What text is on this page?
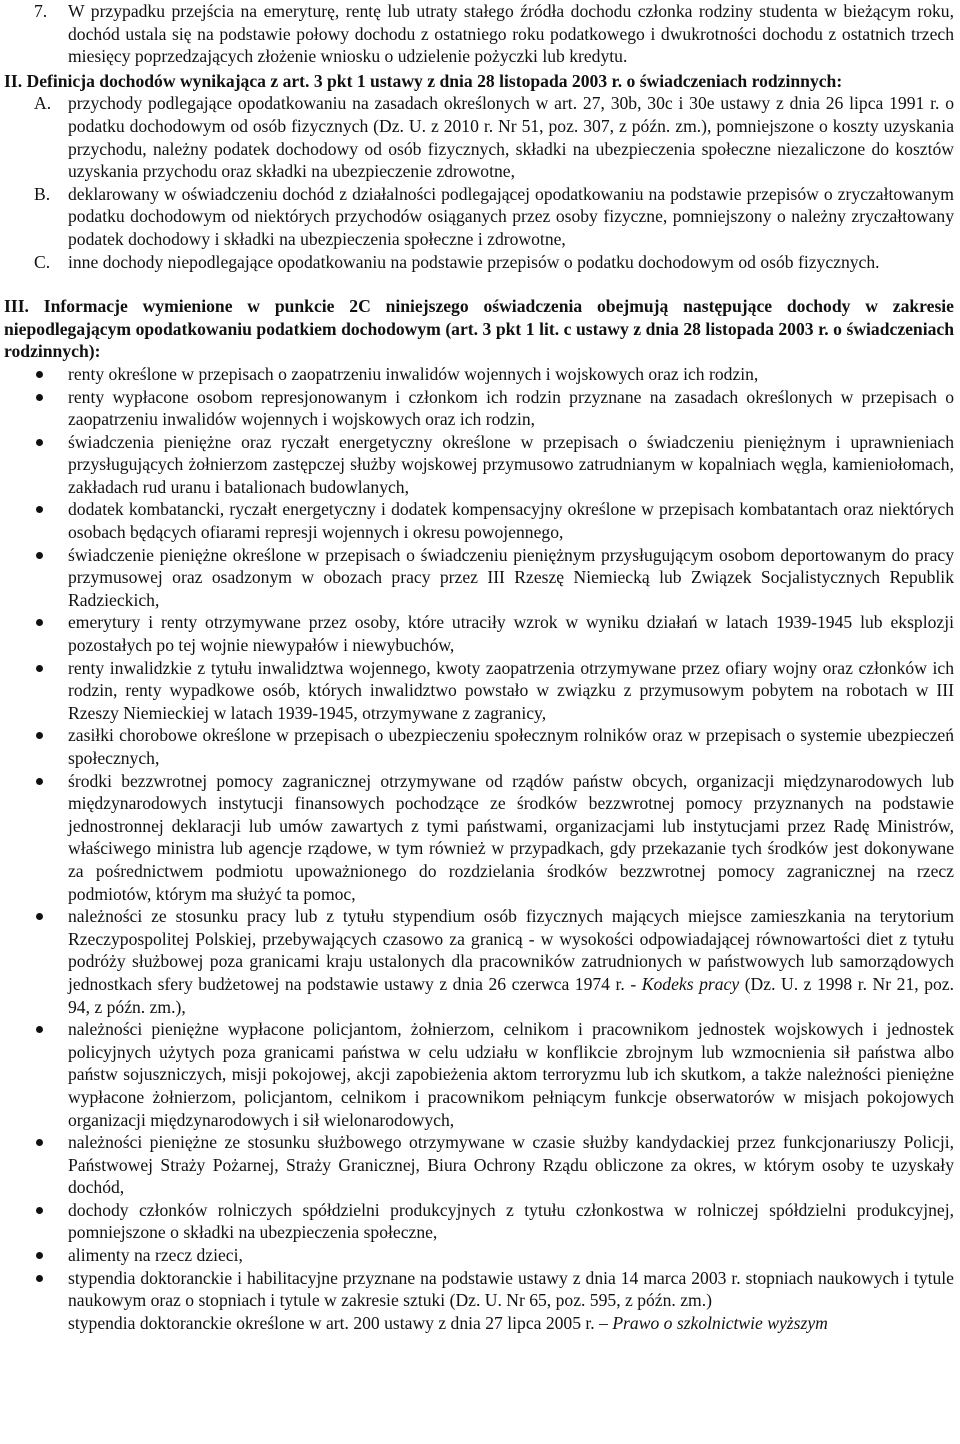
7. W przypadku przejścia na emeryturę, rentę lub utraty stałego źródła dochodu członka rodziny studenta w bieżącym roku, dochód ustala się na podstawie połowy dochodu z ostatniego roku podatkowego i dwukrotności dochodu z ostatnich trzech miesięcy poprzedzających złożenie wniosku o udzielenie pożyczki lub kredytu.
II. Definicja dochodów wynikająca z art. 3 pkt 1 ustawy z dnia 28 listopada 2003 r. o świadczeniach rodzinnych:
A. przychody podlegające opodatkowaniu na zasadach określonych w art. 27, 30b, 30c i 30e ustawy z dnia 26 lipca 1991 r. o podatku dochodowym od osób fizycznych (Dz. U. z 2010 r. Nr 51, poz. 307, z późn. zm.), pomniejszone o koszty uzyskania przychodu, należny podatek dochodowy od osób fizycznych, składki na ubezpieczenia społeczne niezaliczone do kosztów uzyskania przychodu oraz składki na ubezpieczenie zdrowotne,
B. deklarowany w oświadczeniu dochód z działalności podlegającej opodatkowaniu na podstawie przepisów o zryczałtowanym podatku dochodowym od niektórych przychodów osiąganych przez osoby fizyczne, pomniejszony o należny zryczałtowany podatek dochodowy i składki na ubezpieczenia społeczne i zdrowotne,
C. inne dochody niepodlegające opodatkowaniu na podstawie przepisów o podatku dochodowym od osób fizycznych.
III. Informacje wymienione w punkcie 2C niniejszego oświadczenia obejmują następujące dochody w zakresie niepodlegającym opodatkowaniu podatkiem dochodowym (art. 3 pkt 1 lit. c ustawy z dnia 28 listopada 2003 r. o świadczeniach rodzinnych):
renty określone w przepisach o zaopatrzeniu inwalidów wojennych i wojskowych oraz ich rodzin,
renty wypłacone osobom represjonowanym i członkom ich rodzin przyznane na zasadach określonych w przepisach o zaopatrzeniu inwalidów wojennych i wojskowych oraz ich rodzin,
świadczenia pieniężne oraz ryczałt energetyczny określone w przepisach o świadczeniu pieniężnym i uprawnieniach przysługujących żołnierzom zastępczej służby wojskowej przymusowo zatrudnianym w kopalniach węgla, kamieniołomach, zakładach rud uranu i batalionach budowlanych,
dodatek kombatancki, ryczałt energetyczny i dodatek kompensacyjny określone w przepisach kombatantach oraz niektórych osobach będących ofiarami represji wojennych i okresu powojennego,
świadczenie pieniężne określone w przepisach o świadczeniu pieniężnym przysługującym osobom deportowanym do pracy przymusowej oraz osadzonym w obozach pracy przez III Rzeszę Niemiecką lub Związek Socjalistycznych Republik Radzieckich,
emerytury i renty otrzymywane przez osoby, które utraciły wzrok w wyniku działań w latach 1939-1945 lub eksplozji pozostałych po tej wojnie niewypałów i niewybuchów,
renty inwalidzkie z tytułu inwalidztwa wojennego, kwoty zaopatrzenia otrzymywane przez ofiary wojny oraz członków ich rodzin, renty wypadkowe osób, których inwalidztwo powstało w związku z przymusowym pobytem na robotach w III Rzeszy Niemieckiej w latach 1939-1945, otrzymywane z zagranicy,
zasiłki chorobowe określone w przepisach o ubezpieczeniu społecznym rolników oraz w przepisach o systemie ubezpieczeń społecznych,
środki bezzwrotnej pomocy zagranicznej otrzymywane od rządów państw obcych, organizacji międzynarodowych lub międzynarodowych instytucji finansowych pochodzące ze środków bezzwrotnej pomocy przyznanych na podstawie jednostronnej deklaracji lub umów zawartych z tymi państwami, organizacjami lub instytucjami przez Radę Ministrów, właściwego ministra lub agencje rządowe, w tym również w przypadkach, gdy przekazanie tych środków jest dokonywane za pośrednictwem podmiotu upoważnionego do rozdzielania środków bezzwrotnej pomocy zagranicznej na rzecz podmiotów, którym ma służyć ta pomoc,
należności ze stosunku pracy lub z tytułu stypendium osób fizycznych mających miejsce zamieszkania na terytorium Rzeczypospolitej Polskiej, przebywających czasowo za granicą - w wysokości odpowiadającej równowartości diet z tytułu podróży służbowej poza granicami kraju ustalonych dla pracowników zatrudnionych w państwowych lub samorządowych jednostkach sfery budżetowej na podstawie ustawy z dnia 26 czerwca 1974 r. - Kodeks pracy (Dz. U. z 1998 r. Nr 21, poz. 94, z późn. zm.),
należności pieniężne wypłacone policjantom, żołnierzom, celnikom i pracownikom jednostek wojskowych i jednostek policyjnych użytych poza granicami państwa w celu udziału w konflikcie zbrojnym lub wzmocnienia sił państwa albo państw sojuszniczych, misji pokojowej, akcji zapobieżenia aktom terroryzmu lub ich skutkom, a także należności pieniężne wypłacone żołnierzom, policjantom, celnikom i pracownikom pełniącym funkcje obserwatorów w misjach pokojowych organizacji międzynarodowych i sił wielonarodowych,
należności pieniężne ze stosunku służbowego otrzymywane w czasie służby kandydackiej przez funkcjonariuszy Policji, Państwowej Straży Pożarnej, Straży Granicznej, Biura Ochrony Rządu obliczone za okres, w którym osoby te uzyskały dochód,
dochody członków rolniczych spółdzielni produkcyjnych z tytułu członkostwa w rolniczej spółdzielni produkcyjnej, pomniejszone o składki na ubezpieczenia społeczne,
alimenty na rzecz dzieci,
stypendia doktoranckie i habilitacyjne przyznane na podstawie ustawy z dnia 14 marca 2003 r. stopniach naukowych i tytule naukowym oraz o stopniach i tytule w zakresie sztuki (Dz. U. Nr 65, poz. 595, z późn. zm.)
stypendia doktoranckie określone w art. 200 ustawy z dnia 27 lipca 2005 r. – Prawo o szkolnictwie wyższym
